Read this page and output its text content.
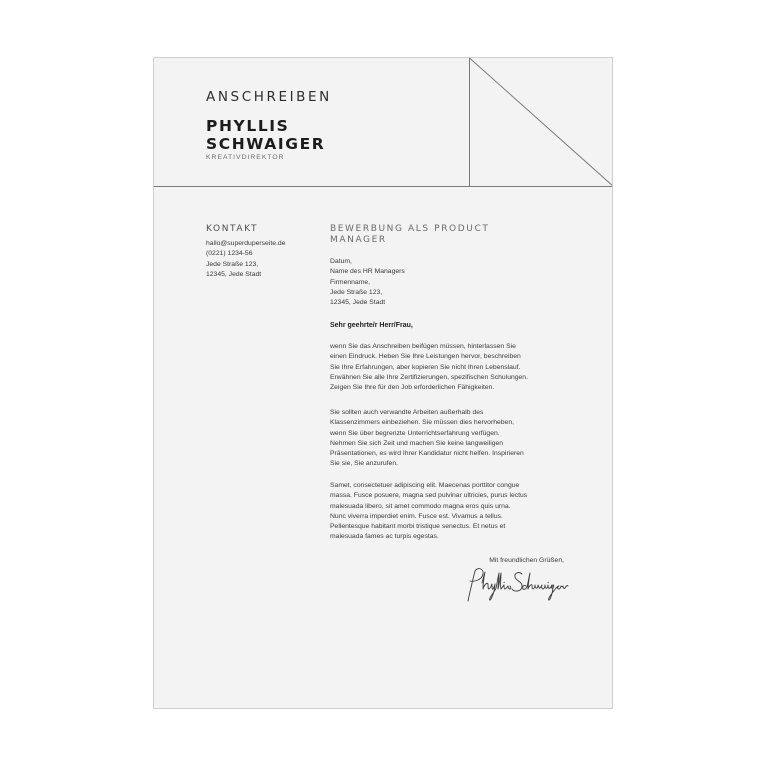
ANSCHREIBEN
PHYLLIS
SCHWAIGER
KREATIVDIREKTOR
KONTAKT
hallo@superduperseite.de
(0221) 1234-56
Jede Straße 123,
12345, Jede Stadt
BEWERBUNG ALS PRODUCT
MANAGER
Datum,
Name des HR Managers
Firmenname,
Jede Straße 123,
12345, Jede Stadt
Sehr geehrte/r Herr/Frau,
wenn Sie das Anschreiben beifügen müssen, hinterlassen Sie
einen Eindruck. Heben Sie Ihre Leistungen hervor, beschreiben
Sie Ihre Erfahrungen, aber kopieren Sie nicht Ihren Lebenslauf.
Erwähnen Sie alle Ihre Zertifizierungen, spezifischen Schulungen.
Zeigen Sie Ihre für den Job erforderlichen Fähigkeiten.
Sie sollten auch verwandte Arbeiten außerhalb des
Klassenzimmers einbeziehen. Sie müssen dies hervorheben,
wenn Sie über begrenzte Unterrichtserfahrung verfügen.
Nehmen Sie sich Zeit und machen Sie keine langweiligen
Präsentationen, es wird Ihrer Kandidatur nicht helfen. Inspirieren
Sie sie, Sie anzurufen.
Samet, consectetuer adipiscing elit. Maecenas porttitor congue
massa. Fusce posuere, magna sed pulvinar ultricies, purus lectus
malesuada libero, sit amet commodo magna eros quis urna.
Nunc viverra imperdiet enim. Fusce est. Vivamus a tellus.
Pellentesque habitant morbi tristique senectus. Et netus et
malesuada fames ac turpis egestas.
Mit freundlichen Grüßen,
